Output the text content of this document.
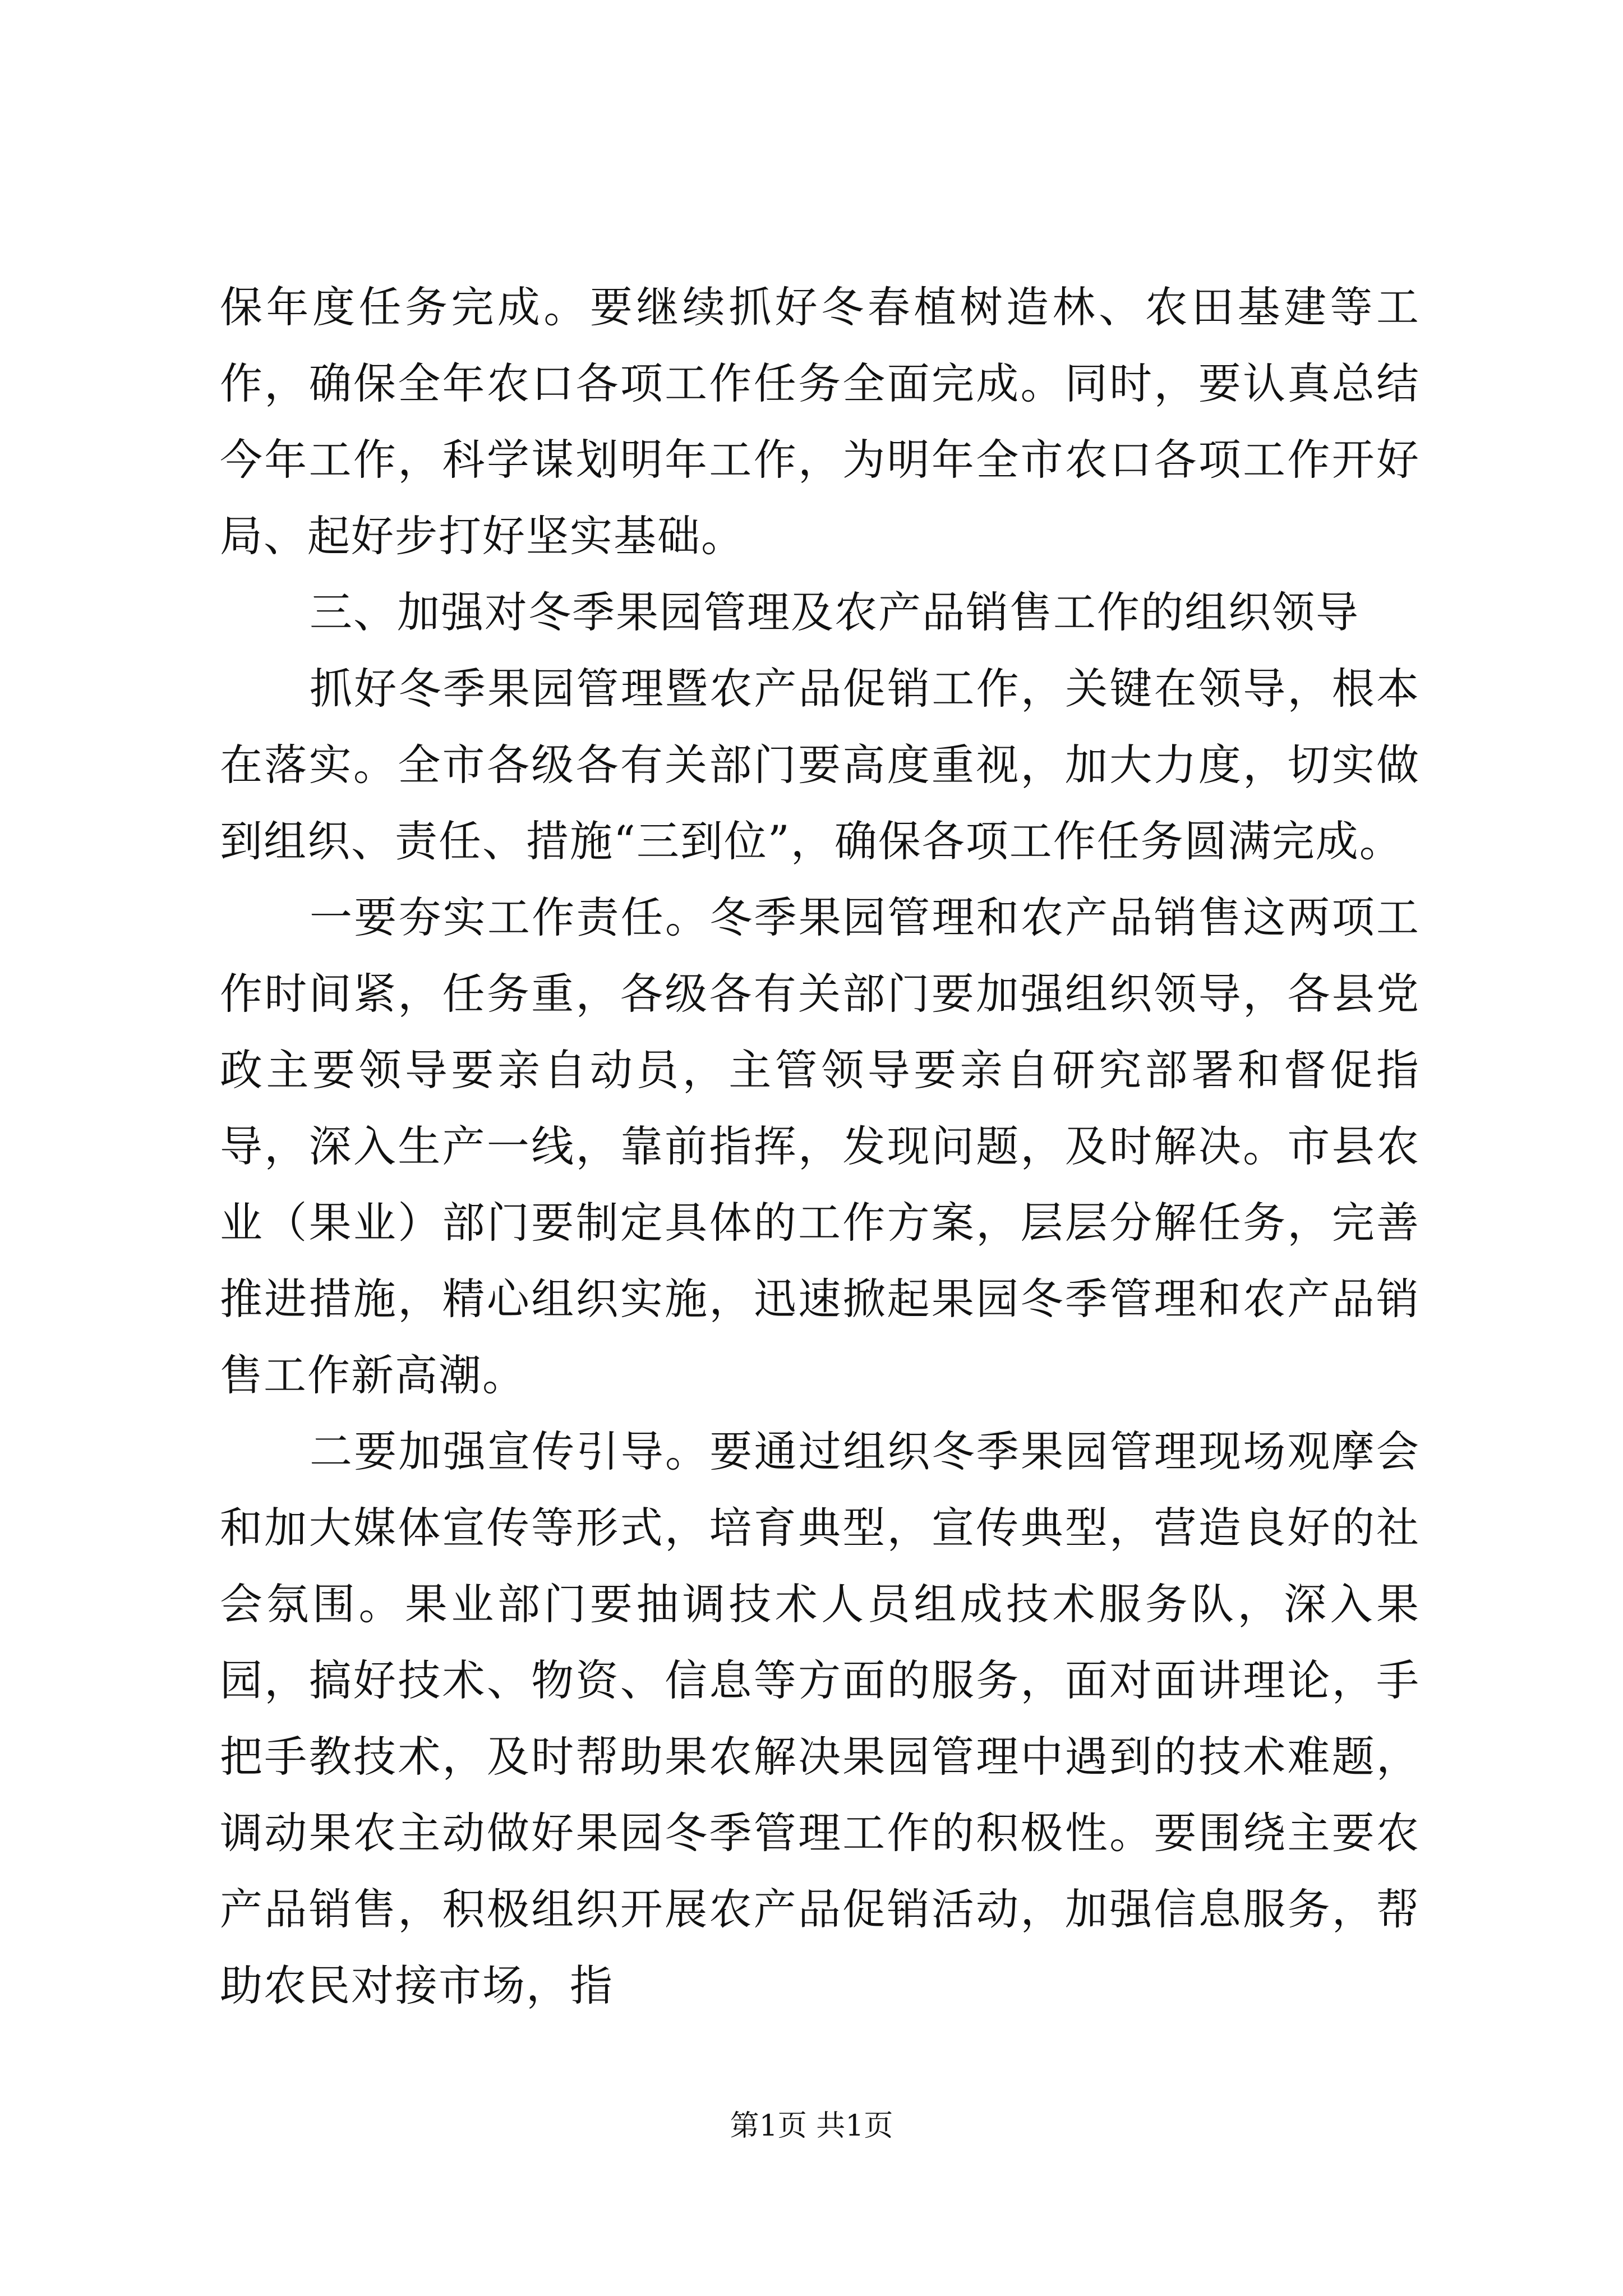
保年度任务完成。要继续抓好冬春植树造林、农田基建等工作，确保全年农口各项工作任务全面完成。同时，要认真总结今年工作，科学谋划明年工作，为明年全市农口各项工作开好局、起好步打好坚实基础。

三、加强对冬季果园管理及农产品销售工作的组织领导

抓好冬季果园管理暨农产品促销工作，关键在领导，根本在落实。全市各级各有关部门要高度重视，加大力度，切实做到组织、责任、措施“三到位”，确保各项工作任务圆满完成。

一要夯实工作责任。冬季果园管理和农产品销售这两项工作时间紧，任务重，各级各有关部门要加强组织领导，各县党政主要领导要亲自动员，主管领导要亲自研究部署和督促指导，深入生产一线，靠前指挥，发现问题，及时解决。市县农业（果业）部门要制定具体的工作方案，层层分解任务，完善推进措施，精心组织实施，迅速掀起果园冬季管理和农产品销售工作新高潮。

二要加强宣传引导。要通过组织冬季果园管理现场观摩会和加大媒体宣传等形式，培育典型，宣传典型，营造良好的社会氛围。果业部门要抽调技术人员组成技术服务队，深入果园，搞好技术、物资、信息等方面的服务，面对面讲理论，手把手教技术，及时帮助果农解决果园管理中遇到的技术难题，调动果农主动做好果园冬季管理工作的积极性。要围绕主要农产品销售，积极组织开展农产品促销活动，加强信息服务，帮助农民对接市场，指

第1页 共1页
